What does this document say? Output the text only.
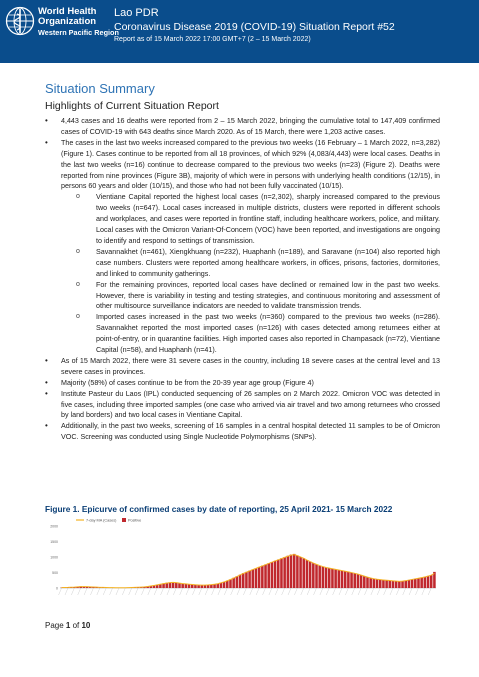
World Health
Organization
Western Pacific Region
Lao PDR
Coronavirus Disease 2019 (COVID-19) Situation Report #52
Report as of 15 March 2022 17:00 GMT+7 (2 – 15 March 2022)
Situation Summary
Highlights of Current Situation Report
• 4,443 cases and 16 deaths were reported from 2 – 15 March 2022, bringing the cumulative total to 147,409 confirmed cases of COVID-19 with 643 deaths since March 2020. As of 15 March, there were 1,203 active cases.
• The cases in the last two weeks increased compared to the previous two weeks (16 February – 1 March 2022, n=3,282) (Figure 1). Cases continue to be reported from all 18 provinces, of which 92% (4,083/4,443) were local cases. Deaths in the last two weeks (n=16) continue to decrease compared to the previous two weeks (n=23) (Figure 2). Deaths were reported from nine provinces (Figure 3B), majority of which were in persons with underlying health conditions (12/15), in persons 60 years and older (10/15), and those who had not been fully vaccinated (10/15).
o Vientiane Capital reported the highest local cases (n=2,302), sharply increased compared to the previous two weeks (n=647). Local cases increased in multiple districts, clusters were reported in different schools and workplaces, and cases were reported in frontline staff, including healthcare workers, police, and military. Local cases with the Omicron Variant-Of-Concern (VOC) have been reported, and investigations are ongoing to identify and respond to settings of transmission.
o Savannakhet (n=461), Xiengkhuang (n=232), Huaphanh (n=189), and Saravane (n=104) also reported high case numbers. Clusters were reported among healthcare workers, in offices, prisons, factories, dormitories, and linked to community gatherings.
o For the remaining provinces, reported local cases have declined or remained low in the past two weeks. However, there is variability in testing and testing strategies, and continuous monitoring and assessment of other multisource surveillance indicators are needed to validate transmission trends.
o Imported cases increased in the past two weeks (n=360) compared to the previous two weeks (n=286). Savannakhet reported the most imported cases (n=126) with cases detected among returnees either at point-of-entry, or in quarantine facilities. High imported cases also reported in Champasack (n=72), Vientiane Capital (n=58), and Huaphanh (n=41).
• As of 15 March 2022, there were 31 severe cases in the country, including 18 severe cases at the central level and 13 severe cases in provinces.
• Majority (58%) of cases continue to be from the 20-39 year age group (Figure 4)
• Institute Pasteur du Laos (IPL) conducted sequencing of 26 samples on 2 March 2022. Omicron VOC was detected in five cases, including three imported samples (one case who arrived via air travel and two among returnees who crossed by land borders) and two local cases in Vientiane Capital.
• Additionally, in the past two weeks, screening of 16 samples in a central hospital detected 11 samples to be of Omicron VOC. Screening was conducted using Single Nucleotide Polymorphisms (SNPs).
Figure 1. Epicurve of confirmed cases by date of reporting, 25 April 2021- 15 March 2022
0
500
1000
1500
2000
7-day MA (Cases)	Positive
Page 1 of 10
